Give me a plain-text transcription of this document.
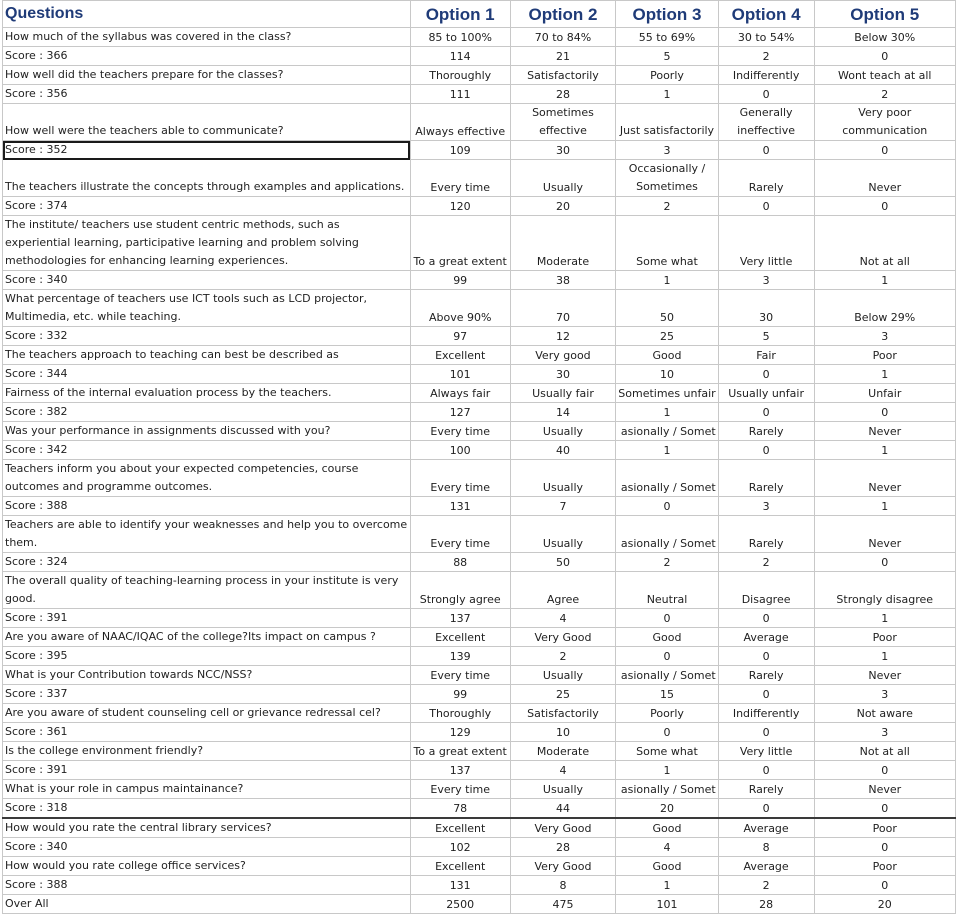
Questions	Option 1	Option 2	Option 3	Option 4	Option 5
How much of the syllabus was covered in the class?	85 to 100%	70 to 84%	55 to 69%	30 to 54%	Below 30%
Score : 366	114	21	5	2	0
How well did the teachers prepare for the classes?	Thoroughly	Satisfactorily	Poorly	Indifferently	Wont teach at all
Score : 356	111	28	1	0	2
How well were the teachers able to communicate?	Always effective	Sometimes effective	Just satisfactorily	Generally ineffective	Very poor communication
Score : 352	109	30	3	0	0
The teachers illustrate the concepts through examples and applications.	Every time	Usually	Occasionally / Sometimes	Rarely	Never
Score : 374	120	20	2	0	0
The institute/ teachers use student centric methods, such as experiential learning, participative learning and problem solving methodologies for enhancing learning experiences.	To a great extent	Moderate	Some what	Very little	Not at all
Score : 340	99	38	1	3	1
What percentage of teachers use ICT tools such as LCD projector, Multimedia, etc. while teaching.	Above 90%	70	50	30	Below 29%
Score : 332	97	12	25	5	3
The teachers approach to teaching can best be described as	Excellent	Very good	Good	Fair	Poor
Score : 344	101	30	10	0	1
Fairness of the internal evaluation process by the teachers.	Always fair	Usually fair	Sometimes unfair	Usually unfair	Unfair
Score : 382	127	14	1	0	0
Was your performance in assignments discussed with you?	Every time	Usually	asionally / Somet	Rarely	Never
Score : 342	100	40	1	0	1
Teachers inform you about your expected competencies, course outcomes and programme outcomes.	Every time	Usually	asionally / Somet	Rarely	Never
Score : 388	131	7	0	3	1
Teachers are able to identify your weaknesses and help you to overcome them.	Every time	Usually	asionally / Somet	Rarely	Never
Score : 324	88	50	2	2	0
The overall quality of teaching-learning process in your institute is very good.	Strongly agree	Agree	Neutral	Disagree	Strongly disagree
Score : 391	137	4	0	0	1
Are you aware of NAAC/IQAC of the college?Its impact on campus ?	Excellent	Very Good	Good	Average	Poor
Score : 395	139	2	0	0	1
What is your Contribution towards NCC/NSS?	Every time	Usually	asionally / Somet	Rarely	Never
Score : 337	99	25	15	0	3
Are you aware of student counseling cell or grievance redressal cel?	Thoroughly	Satisfactorily	Poorly	Indifferently	Not aware
Score : 361	129	10	0	0	3
Is the college environment friendly?	To a great extent	Moderate	Some what	Very little	Not at all
Score : 391	137	4	1	0	0
What is your role in campus maintainance?	Every time	Usually	asionally / Somet	Rarely	Never
Score : 318	78	44	20	0	0
How would you rate the central library services?	Excellent	Very Good	Good	Average	Poor
Score : 340	102	28	4	8	0
How would you rate college office services?	Excellent	Very Good	Good	Average	Poor
Score : 388	131	8	1	2	0
Over All	2500	475	101	28	20
